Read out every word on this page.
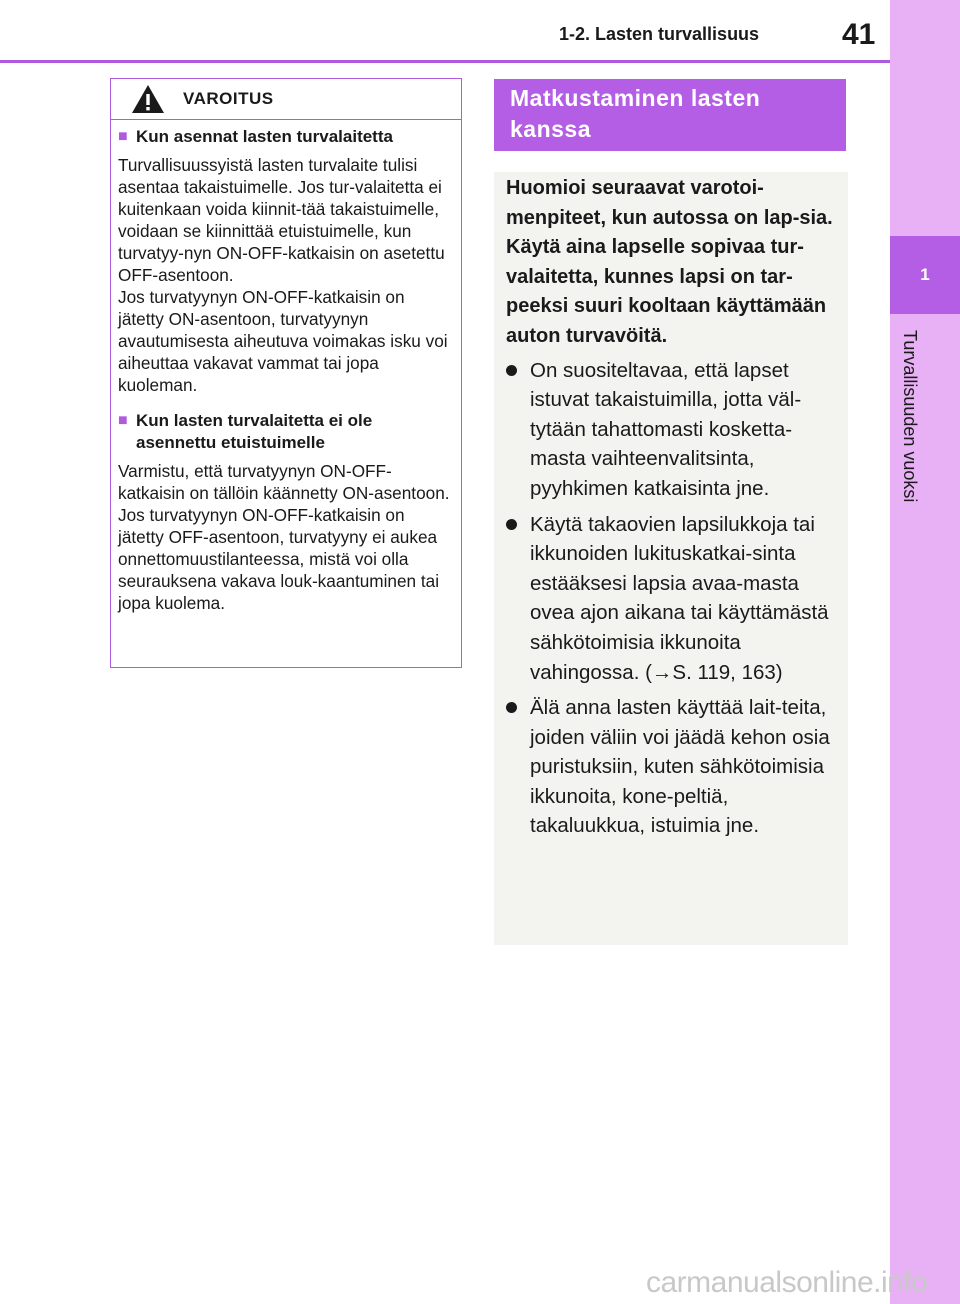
1-2. Lasten turvallisuus	41
1
Turvallisuuden vuoksi
VAROITUS
■ Kun asennat lasten turvalaitetta
Turvallisuussyistä lasten turvalaite tulisi asentaa takaistuimelle. Jos tur-valaitetta ei kuitenkaan voida kiinnit-tää takaistuimelle, voidaan se kiinnittää etuistuimelle, kun turvatyy-nyn ON-OFF-katkaisin on asetettu OFF-asentoon.
Jos turvatyynyn ON-OFF-katkaisin on jätetty ON-asentoon, turvatyynyn avautumisesta aiheutuva voimakas isku voi aiheuttaa vakavat vammat tai jopa kuoleman.
■ Kun lasten turvalaitetta ei ole asennettu etuistuimelle
Varmistu, että turvatyynyn ON-OFF-katkaisin on tällöin käännetty ON-asentoon.
Jos turvatyynyn ON-OFF-katkaisin on jätetty OFF-asentoon, turvatyyny ei aukea onnettomuustilanteessa, mistä voi olla seurauksena vakava louk-kaantuminen tai jopa kuolema.
Matkustaminen lasten kanssa

Huomioi seuraavat varotoi-menpiteet, kun autossa on lap-sia.

Käytä aina lapselle sopivaa tur-valaitetta, kunnes lapsi on tar-peeksi suuri kooltaan käyttämään auton turvavöitä.

On suositeltavaa, että lapset istuvat takaistuimilla, jotta väl-tytään tahattomasti kosketta-masta vaihteenvalitsinta, pyyhkimen katkaisinta jne.
Käytä takaovien lapsilukkoja tai ikkunoiden lukituskatkai-sinta estääksesi lapsia avaa-masta ovea ajon aikana tai käyttämästä sähkötoimisia ikkunoita vahingossa. (→S. 119, 163)
Älä anna lasten käyttää lait-teita, joiden väliin voi jäädä kehon osia puristuksiin, kuten sähkötoimisia ikkunoita, kone-peltiä, takaluukkua, istuimia jne.
carmanualsonline.info
